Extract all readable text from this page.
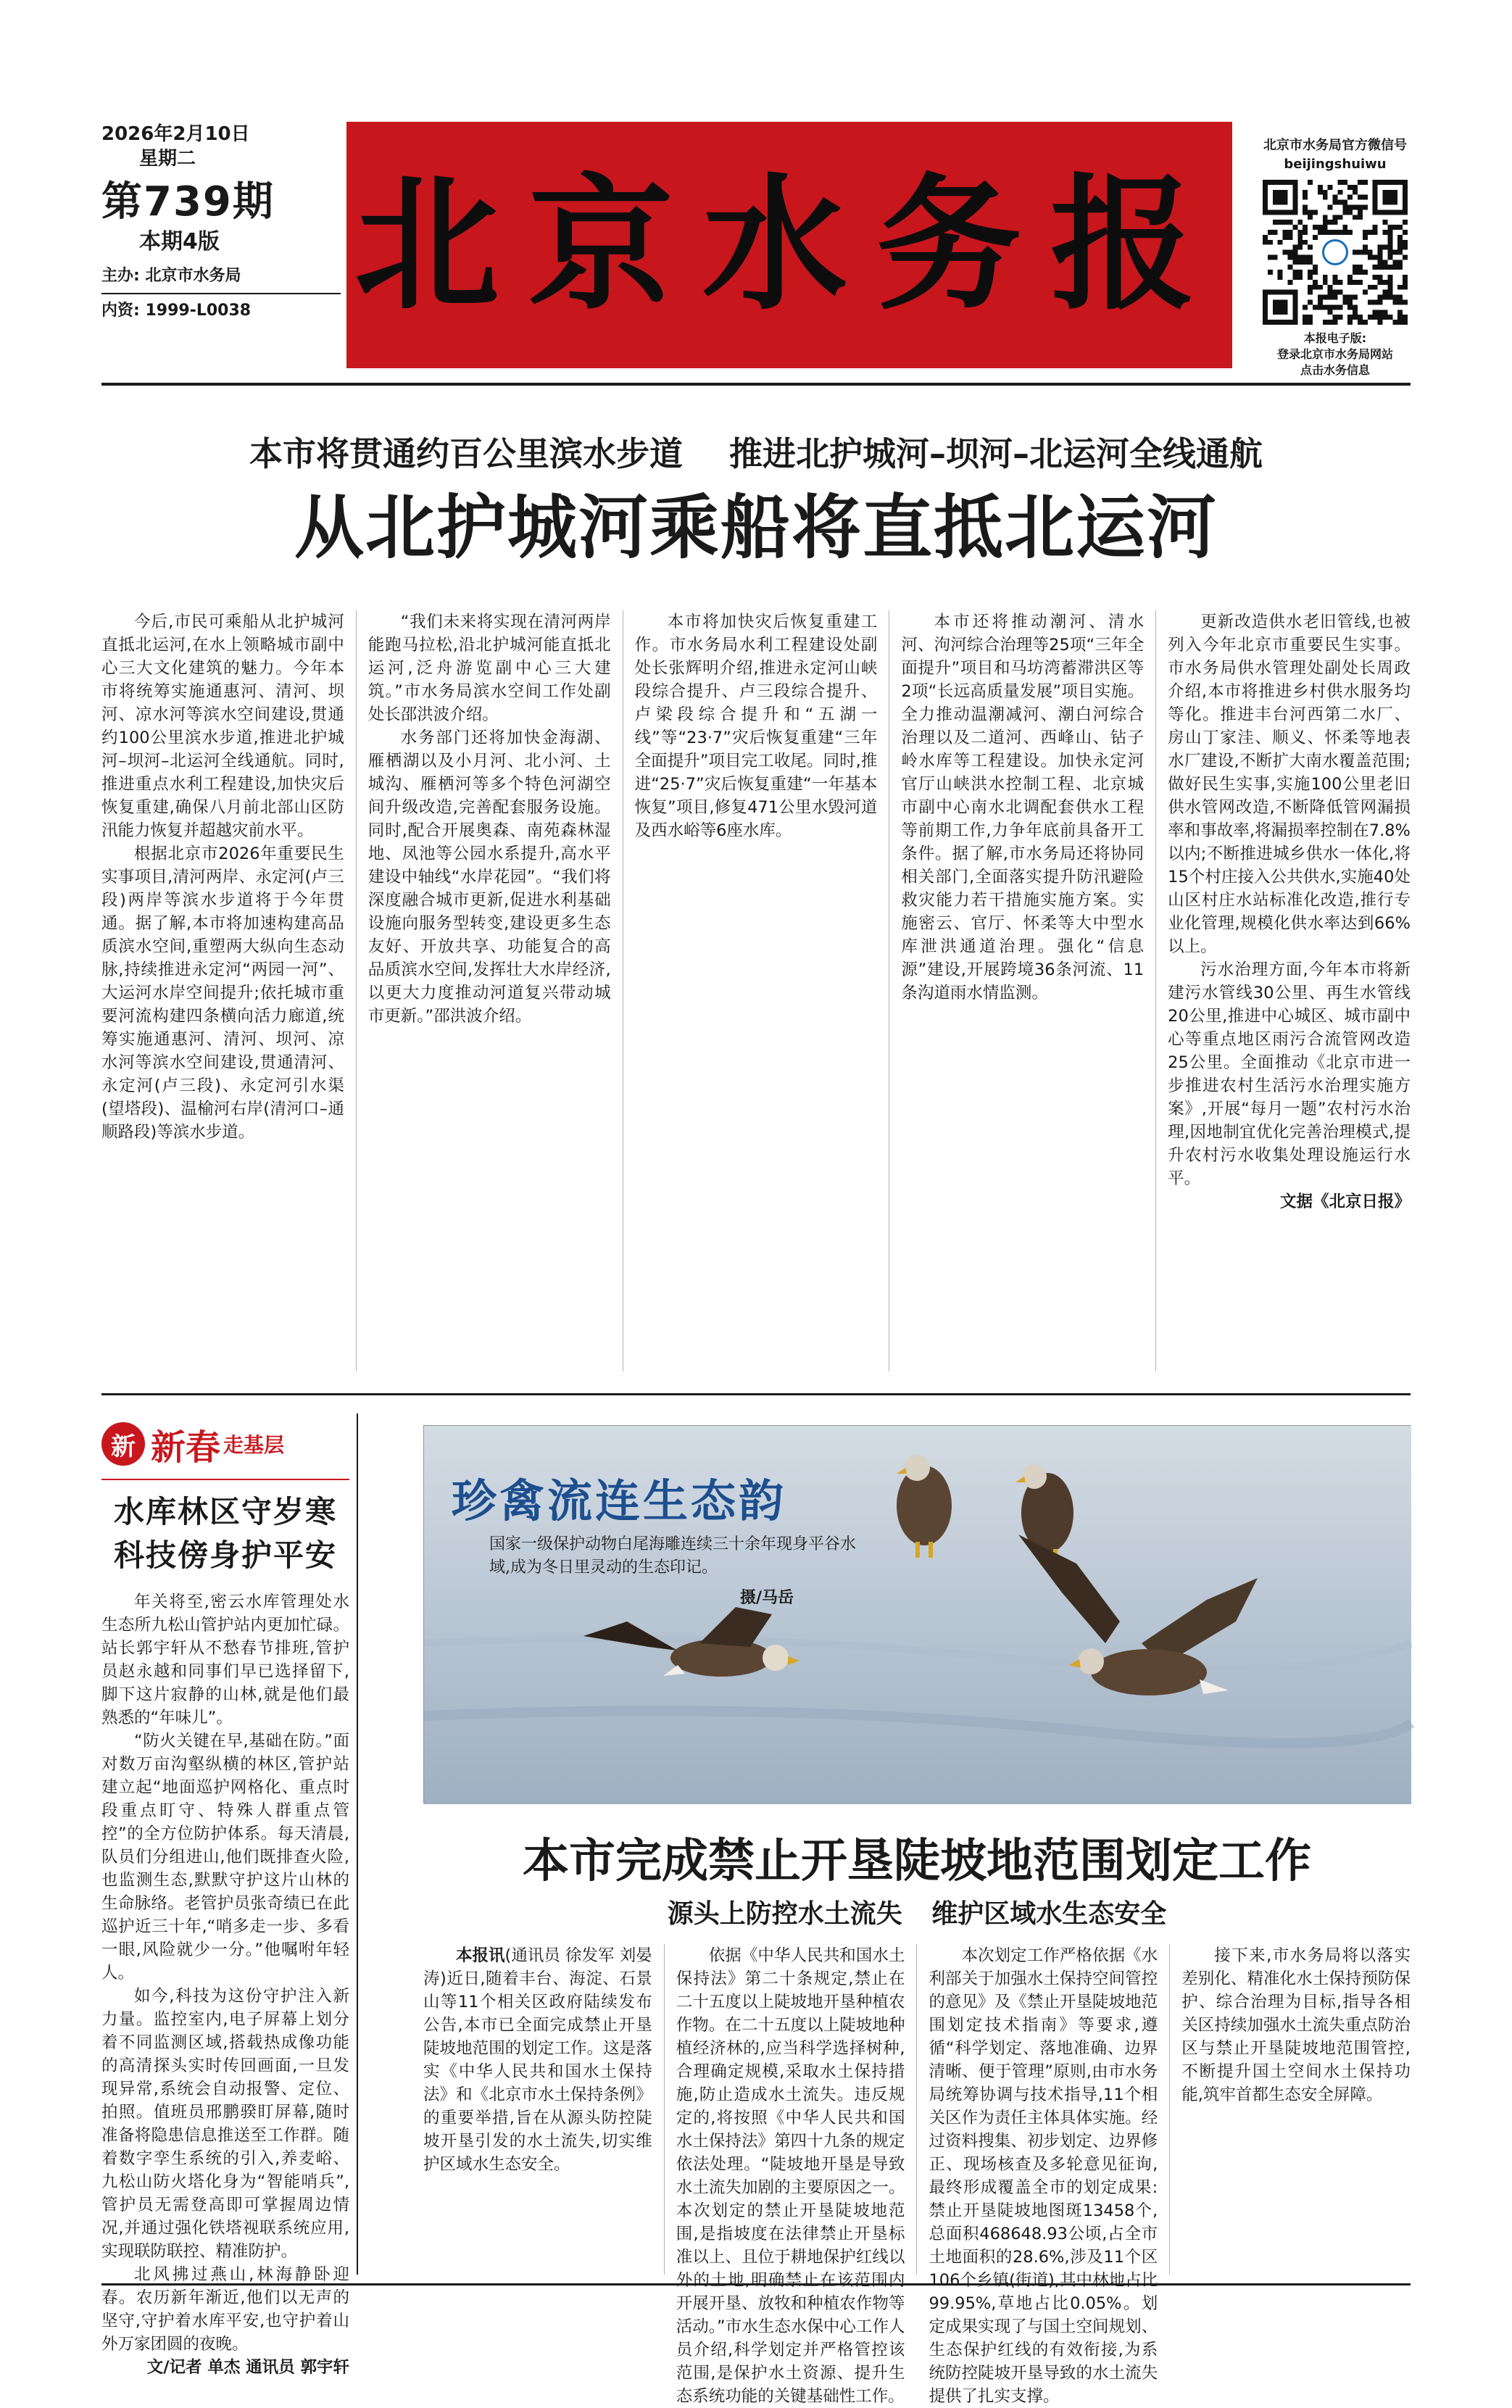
2026年2月10日
星期二
第739期
本期4版
主办: 北京市水务局
内资: 1999-L0038 北京水务报
北京市水务局官方微信号
beijingshuiwu
本报电子版:
登录北京市水务局网站
点击水务信息
本市将贯通约百公里滨水步道 推进北护城河–坝河–北运河全线通航
从北护城河乘船将直抵北运河

今后,市民可乘船从北护城河直抵北运河,在水上领略城市副中心三大文化建筑的魅力。今年本市将统筹实施通惠河、清河、坝河、凉水河等滨水空间建设,贯通约100公里滨水步道,推进北护城河–坝河–北运河全线通航。同时,推进重点水利工程建设,加快灾后恢复重建,确保八月前北部山区防汛能力恢复并超越灾前水平。

根据北京市2026年重要民生实事项目,清河两岸、永定河(卢三段)两岸等滨水步道将于今年贯通。据了解,本市将加速构建高品质滨水空间,重塑两大纵向生态动脉,持续推进永定河“两园一河”、大运河水岸空间提升;依托城市重要河流构建四条横向活力廊道,统筹实施通惠河、清河、坝河、凉水河等滨水空间建设,贯通清河、永定河(卢三段)、永定河引水渠(望塔段)、温榆河右岸(清河口–通顺路段)等滨水步道。

“我们未来将实现在清河两岸能跑马拉松,沿北护城河能直抵北运河,泛舟游览副中心三大建筑。”市水务局滨水空间工作处副处长邵洪波介绍。

水务部门还将加快金海湖、雁栖湖以及小月河、北小河、土城沟、雁栖河等多个特色河湖空间升级改造,完善配套服务设施。同时,配合开展奥森、南苑森林湿地、凤池等公园水系提升,高水平建设中轴线“水岸花园”。“我们将深度融合城市更新,促进水利基础设施向服务型转变,建设更多生态友好、开放共享、功能复合的高品质滨水空间,发挥壮大水岸经济,以更大力度推动河道复兴带动城市更新。”邵洪波介绍。

本市将加快灾后恢复重建工作。市水务局水利工程建设处副处长张辉明介绍,推进永定河山峡段综合提升、卢三段综合提升、卢梁段综合提升和“五湖一线”等“23·7”灾后恢复重建“三年全面提升”项目完工收尾。同时,推进“25·7”灾后恢复重建“一年基本恢复”项目,修复471公里水毁河道及西水峪等6座水库。

本市还将推动潮河、清水河、泃河综合治理等25项“三年全面提升”项目和马坊湾蓄滞洪区等2项“长远高质量发展”项目实施。全力推动温潮减河、潮白河综合治理以及二道河、西峰山、钻子岭水库等工程建设。加快永定河官厅山峡洪水控制工程、北京城市副中心南水北调配套供水工程等前期工作,力争年底前具备开工条件。据了解,市水务局还将协同相关部门,全面落实提升防汛避险救灾能力若干措施实施方案。实施密云、官厅、怀柔等大中型水库泄洪通道治理。强化“信息源”建设,开展跨境36条河流、11条沟道雨水情监测。

更新改造供水老旧管线,也被列入今年北京市重要民生实事。市水务局供水管理处副处长周政介绍,本市将推进乡村供水服务均等化。推进丰台河西第二水厂、房山丁家洼、顺义、怀柔等地表水厂建设,不断扩大南水覆盖范围;做好民生实事,实施100公里老旧供水管网改造,不断降低管网漏损率和事故率,将漏损率控制在7.8%以内;不断推进城乡供水一体化,将15个村庄接入公共供水,实施40处山区村庄水站标准化改造,推行专业化管理,规模化供水率达到66%以上。

污水治理方面,今年本市将新建污水管线30公里、再生水管线20公里,推进中心城区、城市副中心等重点地区雨污合流管网改造25公里。全面推动《北京市进一步推进农村生活污水治理实施方案》,开展“每月一题”农村污水治理,因地制宜优化完善治理模式,提升农村污水收集处理设施运行水平。

文据《北京日报》

新 新春 走基层
水库林区守岁寒
科技傍身护平安

年关将至,密云水库管理处水生态所九松山管护站内更加忙碌。站长郭宇轩从不愁春节排班,管护员赵永越和同事们早已选择留下,脚下这片寂静的山林,就是他们最熟悉的“年味儿”。

“防火关键在早,基础在防。”面对数万亩沟壑纵横的林区,管护站建立起“地面巡护网格化、重点时段重点盯守、特殊人群重点管控”的全方位防护体系。每天清晨,队员们分组进山,他们既排查火险,也监测生态,默默守护这片山林的生命脉络。老管护员张奇绩已在此巡护近三十年,“哨多走一步、多看一眼,风险就少一分。”他嘱咐年轻人。

如今,科技为这份守护注入新力量。监控室内,电子屏幕上划分着不同监测区域,搭载热成像功能的高清探头实时传回画面,一旦发现异常,系统会自动报警、定位、拍照。值班员邢鹏骙盯屏幕,随时准备将隐患信息推送至工作群。随着数字孪生系统的引入,养麦峪、九松山防火塔化身为“智能哨兵”,管护员无需登高即可掌握周边情况,并通过强化铁塔视联系统应用,实现联防联控、精准防护。

北风拂过燕山,林海静卧迎春。农历新年渐近,他们以无声的坚守,守护着水库平安,也守护着山外万家团圆的夜晚。

文/记者 单杰 通讯员 郭宇轩

珍禽流连生态韵
国家一级保护动物白尾海雕连续三十余年现身平谷水域,成为冬日里灵动的生态印记。
摄/马岳
本市完成禁止开垦陡坡地范围划定工作
源头上防控水土流失 维护区域水生态安全

本报讯(通讯员 徐发军 刘晏涛)近日,随着丰台、海淀、石景山等11个相关区政府陆续发布公告,本市已全面完成禁止开垦陡坡地范围的划定工作。这是落实《中华人民共和国水土保持法》和《北京市水土保持条例》的重要举措,旨在从源头防控陡坡开垦引发的水土流失,切实维护区域水生态安全。

依据《中华人民共和国水土保持法》第二十条规定,禁止在二十五度以上陡坡地开垦种植农作物。在二十五度以上陡坡地种植经济林的,应当科学选择树种,合理确定规模,采取水土保持措施,防止造成水土流失。违反规定的,将按照《中华人民共和国水土保持法》第四十九条的规定依法处理。“陡坡地开垦是导致水土流失加剧的主要原因之一。本次划定的禁止开垦陡坡地范围,是指坡度在法律禁止开垦标准以上、且位于耕地保护红线以外的土地,明确禁止在该范围内开展开垦、放牧和种植农作物等活动。”市水生态水保中心工作人员介绍,科学划定并严格管控该范围,是保护水土资源、提升生态系统功能的关键基础性工作。

本次划定工作严格依据《水利部关于加强水土保持空间管控的意见》及《禁止开垦陡坡地范围划定技术指南》等要求,遵循“科学划定、落地准确、边界清晰、便于管理”原则,由市水务局统筹协调与技术指导,11个相关区作为责任主体具体实施。经过资料搜集、初步划定、边界修正、现场核查及多轮意见征询,最终形成覆盖全市的划定成果:禁止开垦陡坡地图斑13458个,总面积468648.93公顷,占全市土地面积的28.6%,涉及11个区106个乡镇(街道),其中林地占比99.95%,草地占比0.05%。划定成果实现了与国土空间规划、生态保护红线的有效衔接,为系统防控陡坡开垦导致的水土流失提供了扎实支撑。

接下来,市水务局将以落实差别化、精准化水土保持预防保护、综合治理为目标,指导各相关区持续加强水土流失重点防治区与禁止开垦陡坡地范围管控,不断提升国土空间水土保持功能,筑牢首都生态安全屏障。
